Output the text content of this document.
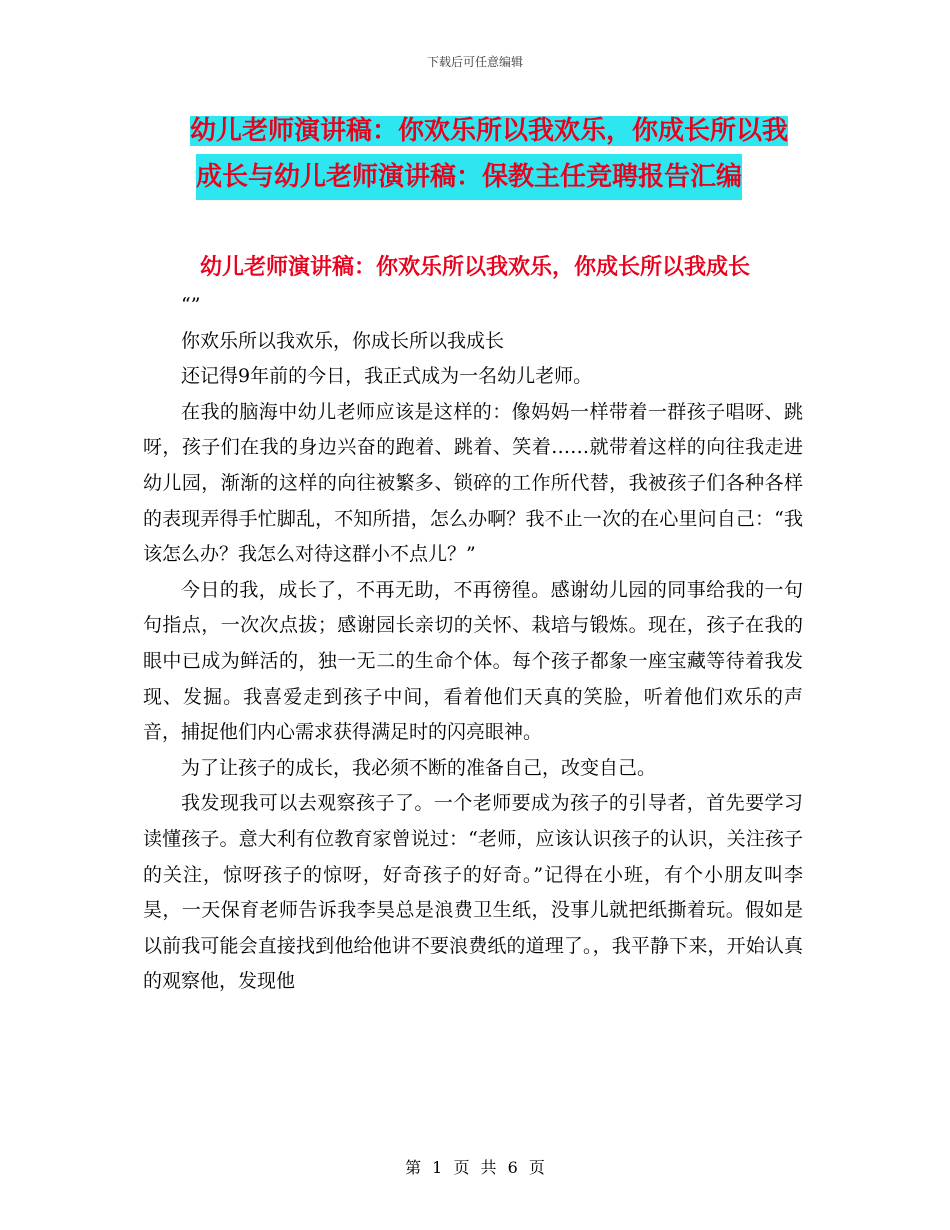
下载后可任意编辑
幼儿老师演讲稿：你欢乐所以我欢乐，你成长所以我
成长与幼儿老师演讲稿：保教主任竞聘报告汇编
幼儿老师演讲稿：你欢乐所以我欢乐，你成长所以我成长

“”

你欢乐所以我欢乐，你成长所以我成长

还记得9年前的今日，我正式成为一名幼儿老师。

在我的脑海中幼儿老师应该是这样的：像妈妈一样带着一群孩子唱呀、跳呀，孩子们在我的身边兴奋的跑着、跳着、笑着……就带着这样的向往我走进幼儿园，渐渐的这样的向往被繁多、锁碎的工作所代替，我被孩子们各种各样的表现弄得手忙脚乱，不知所措，怎么办啊？我不止一次的在心里问自己：“我该怎么办？我怎么对待这群小不点儿？”

今日的我，成长了，不再无助，不再徬徨。感谢幼儿园的同事给我的一句句指点，一次次点拔；感谢园长亲切的关怀、栽培与锻炼。现在，孩子在我的眼中已成为鲜活的，独一无二的生命个体。每个孩子都象一座宝藏等待着我发现、发掘。我喜爱走到孩子中间，看着他们天真的笑脸，听着他们欢乐的声音，捕捉他们内心需求获得满足时的闪亮眼神。

为了让孩子的成长，我必须不断的准备自己，改变自己。

我发现我可以去观察孩子了。一个老师要成为孩子的引导者，首先要学习读懂孩子。意大利有位教育家曾说过：“老师，应该认识孩子的认识，关注孩子的关注，惊呀孩子的惊呀，好奇孩子的好奇。”记得在小班，有个小朋友叫李昊，一天保育老师告诉我李昊总是浪费卫生纸，没事儿就把纸撕着玩。假如是以前我可能会直接找到他给他讲不要浪费纸的道理了。，我平静下来，开始认真的观察他，发现他

第 1 页 共 6 页
